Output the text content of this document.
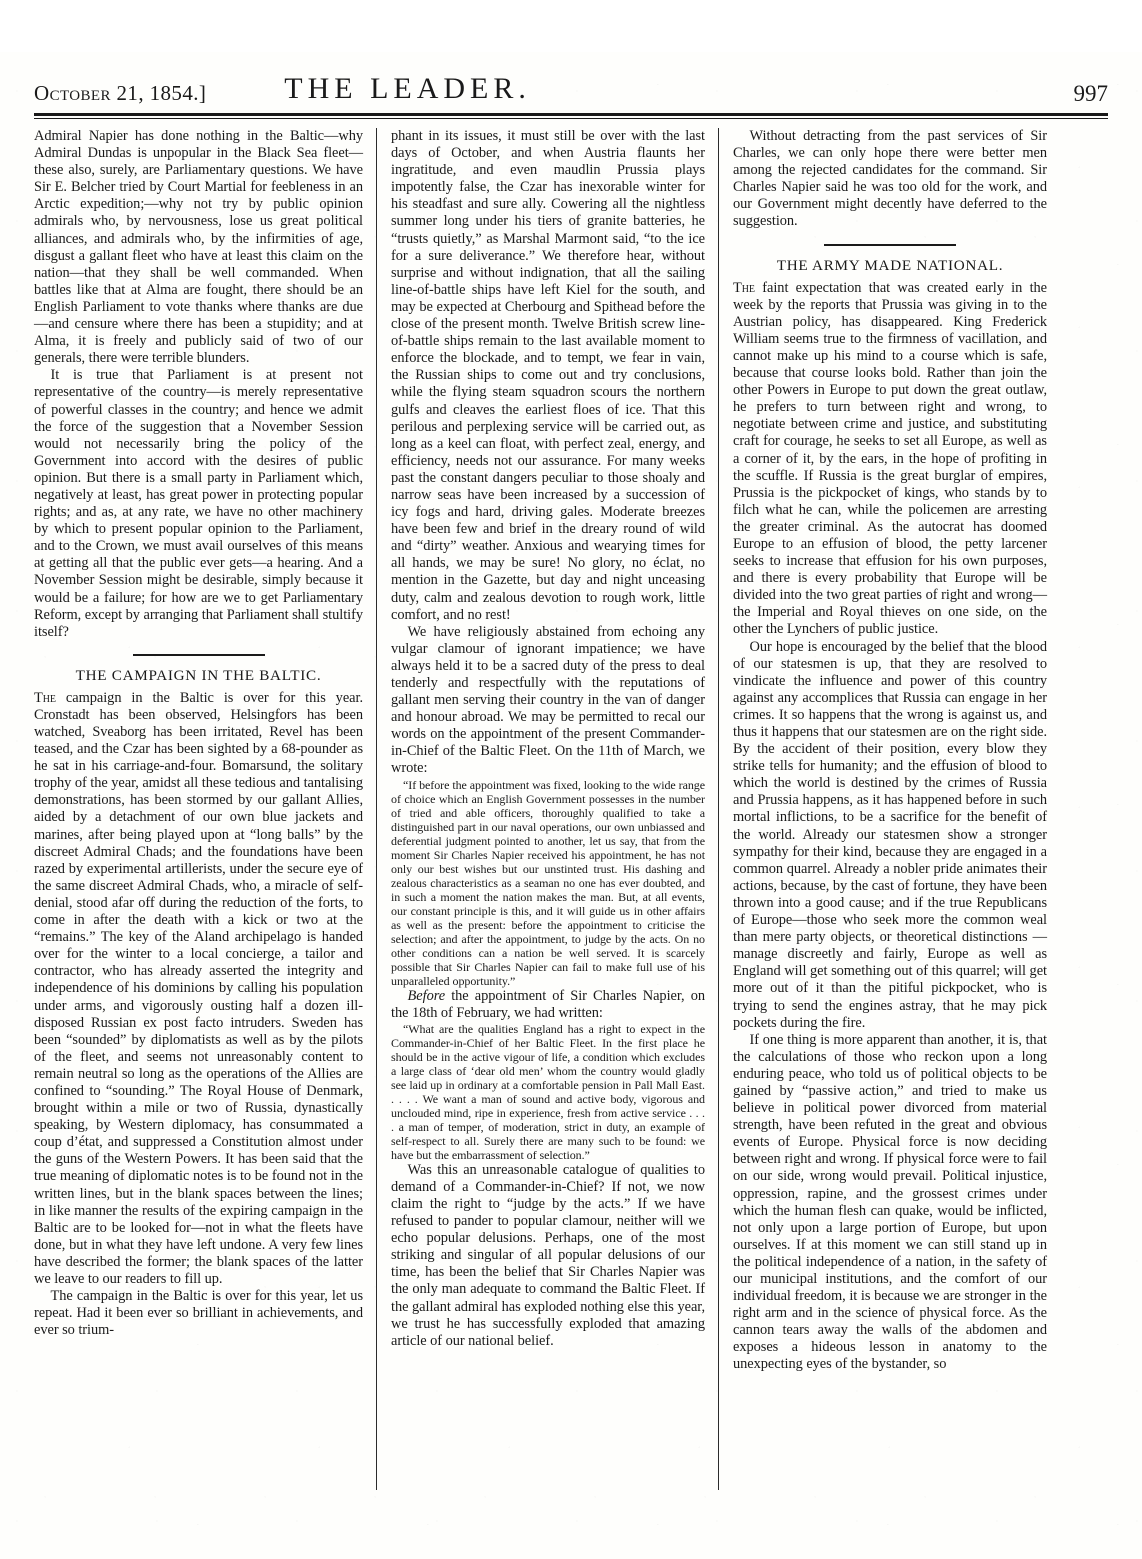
October 21, 1854.]	THE LEADER.	997

Admiral Napier has done nothing in the Baltic—why Admiral Dundas is unpopular in the Black Sea fleet—these also, surely, are Parliamentary questions. We have Sir E. Belcher tried by Court Martial for feebleness in an Arctic expedition;—why not try by public opinion admirals who, by nervousness, lose us great political alliances, and admirals who, by the infirmities of age, disgust a gallant fleet who have at least this claim on the nation—that they shall be well commanded. When battles like that at Alma are fought, there should be an English Parliament to vote thanks where thanks are due—and censure where there has been a stupidity; and at Alma, it is freely and publicly said of two of our generals, there were terrible blunders.

It is true that Parliament is at present not representative of the country—is merely representative of powerful classes in the country; and hence we admit the force of the suggestion that a November Session would not necessarily bring the policy of the Government into accord with the desires of public opinion. But there is a small party in Parliament which, negatively at least, has great power in protecting popular rights; and as, at any rate, we have no other machinery by which to present popular opinion to the Parliament, and to the Crown, we must avail ourselves of this means at getting all that the public ever gets—a hearing. And a November Session might be desirable, simply because it would be a failure; for how are we to get Parliamentary Reform, except by arranging that Parliament shall stultify itself?

THE CAMPAIGN IN THE BALTIC.

The campaign in the Baltic is over for this year. Cronstadt has been observed, Helsingfors has been watched, Sveaborg has been irritated, Revel has been teased, and the Czar has been sighted by a 68-pounder as he sat in his carriage-and-four. Bomarsund, the solitary trophy of the year, amidst all these tedious and tantalising demonstrations, has been stormed by our gallant Allies, aided by a detachment of our own blue jackets and marines, after being played upon at “long balls” by the discreet Admiral Chads; and the foundations have been razed by experimental artillerists, under the secure eye of the same discreet Admiral Chads, who, a miracle of self-denial, stood afar off during the reduction of the forts, to come in after the death with a kick or two at the “remains.” The key of the Aland archipelago is handed over for the winter to a local concierge, a tailor and contractor, who has already asserted the integrity and independence of his dominions by calling his population under arms, and vigorously ousting half a dozen ill-disposed Russian ex post facto intruders. Sweden has been “sounded” by diplomatists as well as by the pilots of the fleet, and seems not unreasonably content to remain neutral so long as the operations of the Allies are confined to “sounding.” The Royal House of Denmark, brought within a mile or two of Russia, dynastically speaking, by Western diplomacy, has consummated a coup d’état, and suppressed a Constitution almost under the guns of the Western Powers. It has been said that the true meaning of diplomatic notes is to be found not in the written lines, but in the blank spaces between the lines; in like manner the results of the expiring campaign in the Baltic are to be looked for—not in what the fleets have done, but in what they have left undone. A very few lines have described the former; the blank spaces of the latter we leave to our readers to fill up.

The campaign in the Baltic is over for this year, let us repeat. Had it been ever so brilliant in achievements, and ever so trium-

phant in its issues, it must still be over with the last days of October, and when Austria flaunts her ingratitude, and even maudlin Prussia plays impotently false, the Czar has inexorable winter for his steadfast and sure ally. Cowering all the nightless summer long under his tiers of granite batteries, he “trusts quietly,” as Marshal Marmont said, “to the ice for a sure deliverance.” We therefore hear, without surprise and without indignation, that all the sailing line-of-battle ships have left Kiel for the south, and may be expected at Cherbourg and Spithead before the close of the present month. Twelve British screw line-of-battle ships remain to the last available moment to enforce the blockade, and to tempt, we fear in vain, the Russian ships to come out and try conclusions, while the flying steam squadron scours the northern gulfs and cleaves the earliest floes of ice. That this perilous and perplexing service will be carried out, as long as a keel can float, with perfect zeal, energy, and efficiency, needs not our assurance. For many weeks past the constant dangers peculiar to those shoaly and narrow seas have been increased by a succession of icy fogs and hard, driving gales. Moderate breezes have been few and brief in the dreary round of wild and “dirty” weather. Anxious and wearying times for all hands, we may be sure! No glory, no éclat, no mention in the Gazette, but day and night unceasing duty, calm and zealous devotion to rough work, little comfort, and no rest!

We have religiously abstained from echoing any vulgar clamour of ignorant impatience; we have always held it to be a sacred duty of the press to deal tenderly and respectfully with the reputations of gallant men serving their country in the van of danger and honour abroad. We may be permitted to recal our words on the appointment of the present Commander-in-Chief of the Baltic Fleet. On the 11th of March, we wrote:

“If before the appointment was fixed, looking to the wide range of choice which an English Government possesses in the number of tried and able officers, thoroughly qualified to take a distinguished part in our naval operations, our own unbiassed and deferential judgment pointed to another, let us say, that from the moment Sir Charles Napier received his appointment, he has not only our best wishes but our unstinted trust. His dashing and zealous characteristics as a seaman no one has ever doubted, and in such a moment the nation makes the man. But, at all events, our constant principle is this, and it will guide us in other affairs as well as the present: before the appointment to criticise the selection; and after the appointment, to judge by the acts. On no other conditions can a nation be well served. It is scarcely possible that Sir Charles Napier can fail to make full use of his unparalleled opportunity.”

Before the appointment of Sir Charles Napier, on the 18th of February, we had written:

“What are the qualities England has a right to expect in the Commander-in-Chief of her Baltic Fleet. In the first place he should be in the active vigour of life, a condition which excludes a large class of ‘dear old men’ whom the country would gladly see laid up in ordinary at a comfortable pension in Pall Mall East. . . . . We want a man of sound and active body, vigorous and unclouded mind, ripe in experience, fresh from active service . . . . a man of temper, of moderation, strict in duty, an example of self-respect to all. Surely there are many such to be found: we have but the embarrassment of selection.”

Was this an unreasonable catalogue of qualities to demand of a Commander-in-Chief? If not, we now claim the right to “judge by the acts.” If we have refused to pander to popular clamour, neither will we echo popular delusions. Perhaps, one of the most striking and singular of all popular delusions of our time, has been the belief that Sir Charles Napier was the only man adequate to command the Baltic Fleet. If the gallant admiral has exploded nothing else this year, we trust he has successfully exploded that amazing article of our national belief.

Without detracting from the past services of Sir Charles, we can only hope there were better men among the rejected candidates for the command. Sir Charles Napier said he was too old for the work, and our Government might decently have deferred to the suggestion.

THE ARMY MADE NATIONAL.

The faint expectation that was created early in the week by the reports that Prussia was giving in to the Austrian policy, has disappeared. King Frederick William seems true to the firmness of vacillation, and cannot make up his mind to a course which is safe, because that course looks bold. Rather than join the other Powers in Europe to put down the great outlaw, he prefers to turn between right and wrong, to negotiate between crime and justice, and substituting craft for courage, he seeks to set all Europe, as well as a corner of it, by the ears, in the hope of profiting in the scuffle. If Russia is the great burglar of empires, Prussia is the pickpocket of kings, who stands by to filch what he can, while the policemen are arresting the greater criminal. As the autocrat has doomed Europe to an effusion of blood, the petty larcener seeks to increase that effusion for his own purposes, and there is every probability that Europe will be divided into the two great parties of right and wrong—the Imperial and Royal thieves on one side, on the other the Lynchers of public justice.

Our hope is encouraged by the belief that the blood of our statesmen is up, that they are resolved to vindicate the influence and power of this country against any accomplices that Russia can engage in her crimes. It so happens that the wrong is against us, and thus it happens that our statesmen are on the right side. By the accident of their position, every blow they strike tells for humanity; and the effusion of blood to which the world is destined by the crimes of Russia and Prussia happens, as it has happened before in such mortal inflictions, to be a sacrifice for the benefit of the world. Already our statesmen show a stronger sympathy for their kind, because they are engaged in a common quarrel. Already a nobler pride animates their actions, because, by the cast of fortune, they have been thrown into a good cause; and if the true Republicans of Europe—those who seek more the common weal than mere party objects, or theoretical distinctions — manage discreetly and fairly, Europe as well as England will get something out of this quarrel; will get more out of it than the pitiful pickpocket, who is trying to send the engines astray, that he may pick pockets during the fire.

If one thing is more apparent than another, it is, that the calculations of those who reckon upon a long enduring peace, who told us of political objects to be gained by “passive action,” and tried to make us believe in political power divorced from material strength, have been refuted in the great and obvious events of Europe. Physical force is now deciding between right and wrong. If physical force were to fail on our side, wrong would prevail. Political injustice, oppression, rapine, and the grossest crimes under which the human flesh can quake, would be inflicted, not only upon a large portion of Europe, but upon ourselves. If at this moment we can still stand up in the political independence of a nation, in the safety of our municipal institutions, and the comfort of our individual freedom, it is because we are stronger in the right arm and in the science of physical force. As the cannon tears away the walls of the abdomen and exposes a hideous lesson in anatomy to the unexpecting eyes of the bystander, so
